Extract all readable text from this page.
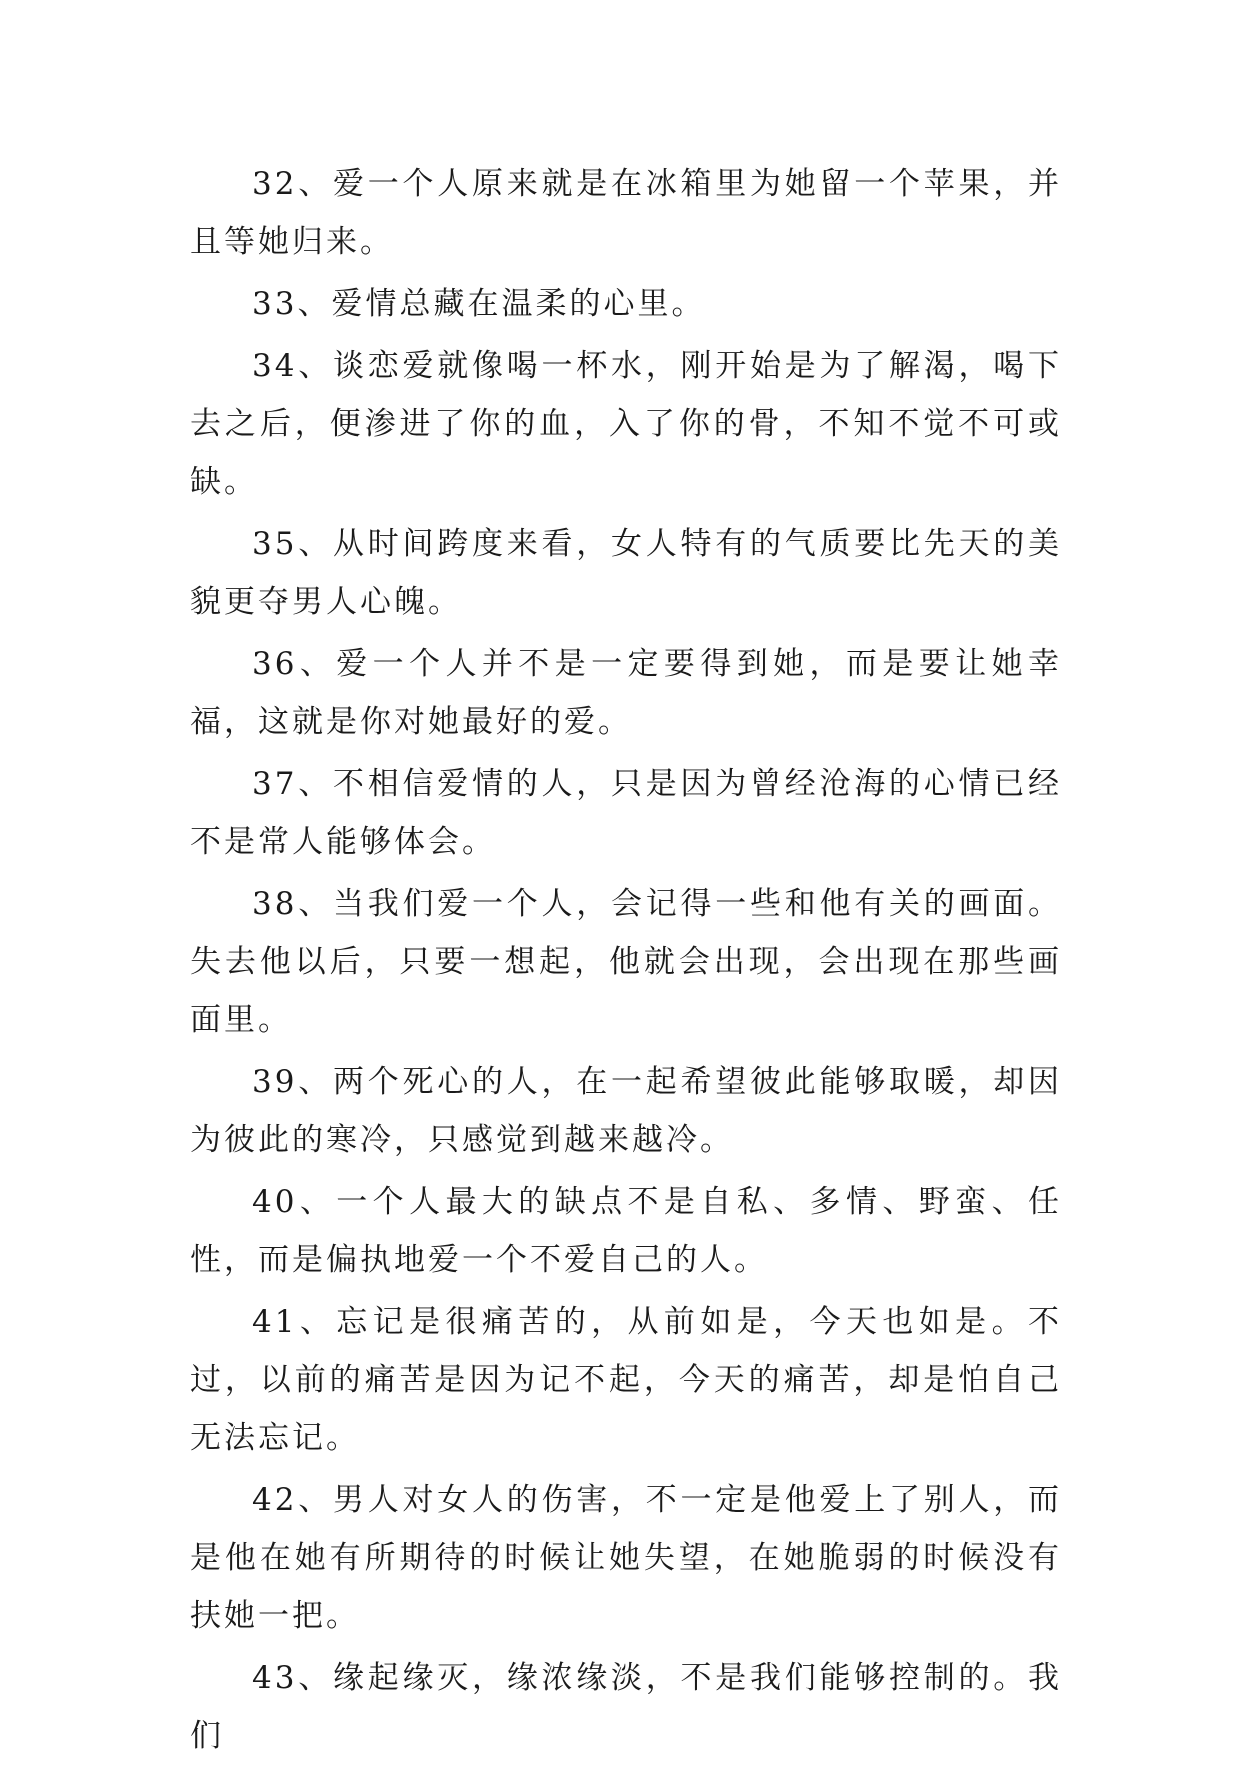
32、爱一个人原来就是在冰箱里为她留一个苹果，并且等她归来。

33、爱情总藏在温柔的心里。

34、谈恋爱就像喝一杯水，刚开始是为了解渴，喝下去之后，便渗进了你的血，入了你的骨，不知不觉不可或缺。

35、从时间跨度来看，女人特有的气质要比先天的美貌更夺男人心魄。

36、爱一个人并不是一定要得到她，而是要让她幸福，这就是你对她最好的爱。

37、不相信爱情的人，只是因为曾经沧海的心情已经不是常人能够体会。

38、当我们爱一个人，会记得一些和他有关的画面。失去他以后，只要一想起，他就会出现，会出现在那些画面里。

39、两个死心的人，在一起希望彼此能够取暖，却因为彼此的寒冷，只感觉到越来越冷。

40、一个人最大的缺点不是自私、多情、野蛮、任性，而是偏执地爱一个不爱自己的人。

41、忘记是很痛苦的，从前如是，今天也如是。不过，以前的痛苦是因为记不起，今天的痛苦，却是怕自己无法忘记。

42、男人对女人的伤害，不一定是他爱上了别人，而是他在她有所期待的时候让她失望，在她脆弱的时候没有扶她一把。

43、缘起缘灭，缘浓缘淡，不是我们能够控制的。我们
